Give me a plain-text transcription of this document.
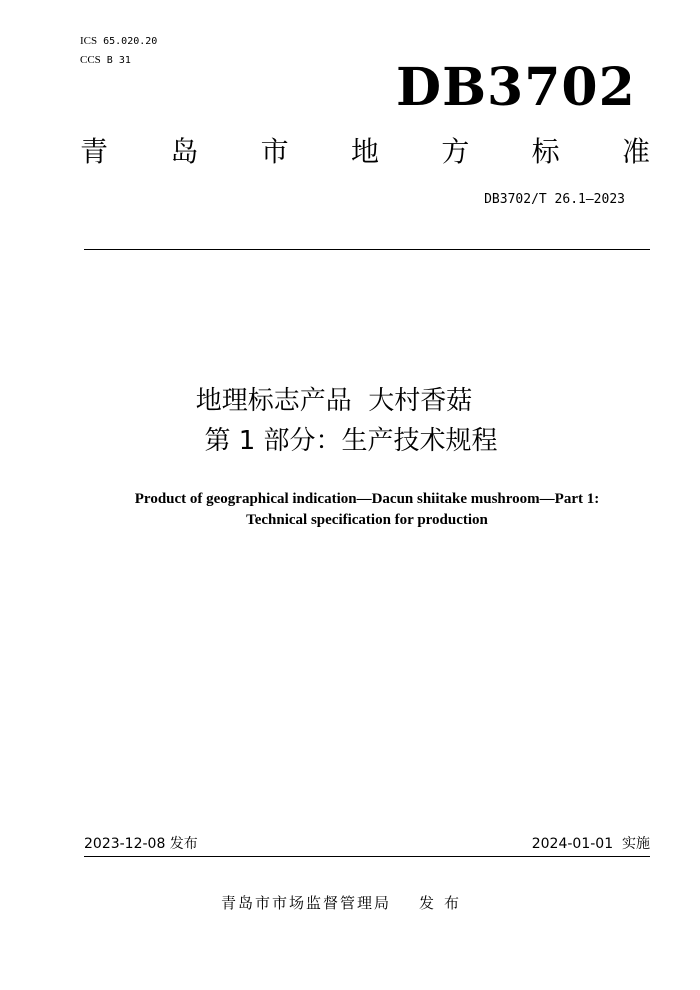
ICS 65.020.20
CCS B 31	DB3702
青 岛 市 地 方 标 准
DB3702/T 26.1—2023
地理标志产品  大村香菇
第 1 部分：生产技术规程
Product of geographical indication—Dacun shiitake mushroom—Part 1:
Technical specification for production
2023-12-08 发布	2024-01-01  实施
青岛市市场监督管理局 发布
